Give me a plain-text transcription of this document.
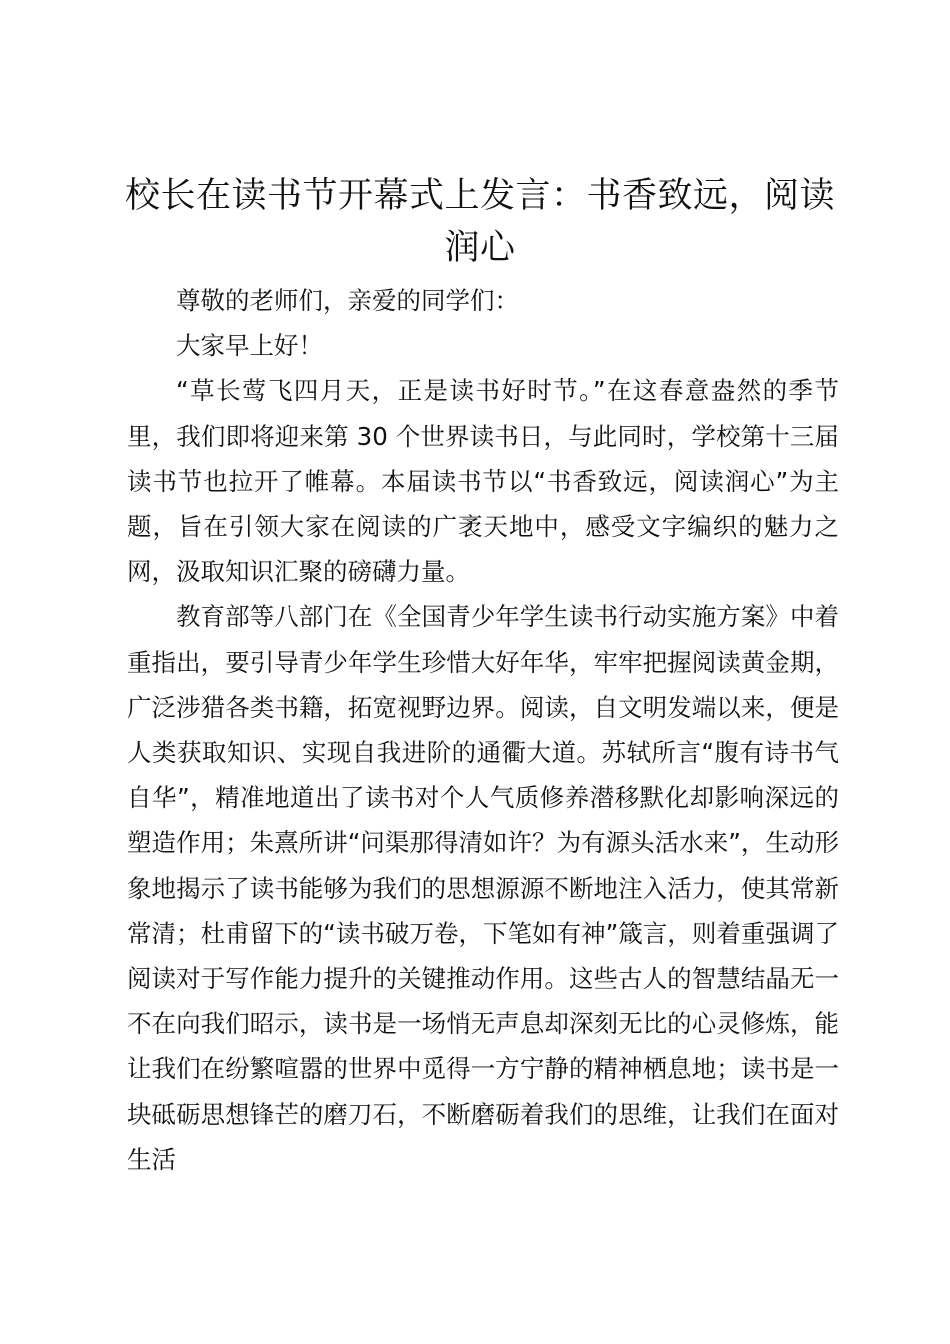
校长在读书节开幕式上发言：书香致远，阅读润心

尊敬的老师们，亲爱的同学们：

大家早上好！

“草长莺飞四月天，正是读书好时节。”在这春意盎然的季节里，我们即将迎来第 30 个世界读书日，与此同时，学校第十三届读书节也拉开了帷幕。本届读书节以“书香致远，阅读润心”为主题，旨在引领大家在阅读的广袤天地中，感受文字编织的魅力之网，汲取知识汇聚的磅礴力量。

教育部等八部门在《全国青少年学生读书行动实施方案》中着重指出，要引导青少年学生珍惜大好年华，牢牢把握阅读黄金期，广泛涉猎各类书籍，拓宽视野边界。阅读，自文明发端以来，便是人类获取知识、实现自我进阶的通衢大道。苏轼所言“腹有诗书气自华”，精准地道出了读书对个人气质修养潜移默化却影响深远的塑造作用；朱熹所讲“问渠那得清如许？为有源头活水来”，生动形象地揭示了读书能够为我们的思想源源不断地注入活力，使其常新常清；杜甫留下的“读书破万卷，下笔如有神”箴言，则着重强调了阅读对于写作能力提升的关键推动作用。这些古人的智慧结晶无一不在向我们昭示，读书是一场悄无声息却深刻无比的心灵修炼，能让我们在纷繁喧嚣的世界中觅得一方宁静的精神栖息地；读书是一块砥砺思想锋芒的磨刀石，不断磨砺着我们的思维，让我们在面对生活
